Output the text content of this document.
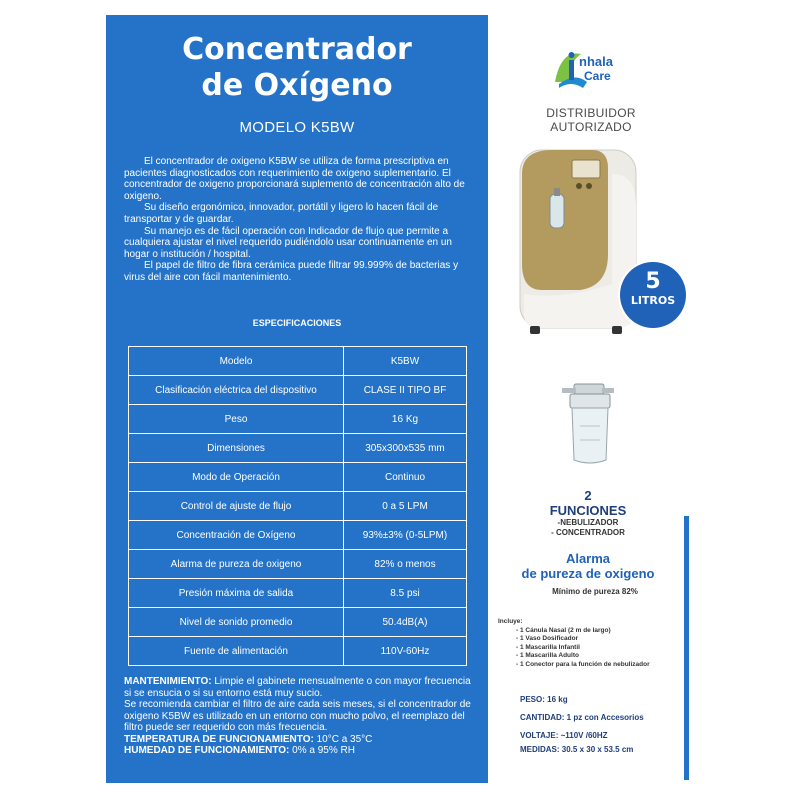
Concentrador
de Oxígeno
MODELO K5BW

El concentrador de oxigeno K5BW se utiliza de forma prescriptiva en pacientes diagnosticados con requerimiento de oxigeno suplementario. El concentrador de oxigeno proporcionará suplemento de concentración alto de oxigeno.

Su diseño ergonómico, innovador, portátil y ligero lo hacen fácil de transportar y de guardar.

Su manejo es de fácil operación con Indicador de flujo que permite a cualquiera ajustar el nivel requerido pudiéndolo usar continuamente en un hogar o institución / hospital.

El papel de filtro de fibra cerámica puede filtrar 99.999% de bacterias y virus del aire con fácil mantenimiento.

ESPECIFICACIONES
Modelo	K5BW
Clasificación eléctrica del dispositivo	CLASE II TIPO BF
Peso	16 Kg
Dimensiones	305x300x535 mm
Modo de Operación	Continuo
Control de ajuste de flujo	0 a 5 LPM
Concentración de Oxígeno	93%±3% (0-5LPM)
Alarma de pureza de oxigeno	82% o menos
Presión máxima de salida	8.5 psi
Nivel de sonido promedio	50.4dB(A)
Fuente de alimentación	110V-60Hz
MANTENIMIENTO: Limpie el gabinete mensualmente o con mayor frecuencia si se ensucia o si su entorno está muy sucio.
Se recomienda cambiar el filtro de aire cada seis meses, si el concentrador de oxigeno K5BW es utilizado en un entorno con mucho polvo, el reemplazo del filtro puede ser requerido con más frecuencia.
TEMPERATURA DE FUNCIONAMIENTO: 10°C a 35°C
HUMEDAD DE FUNCIONAMIENTO: 0% a 95% RH
nhala
Care
DISTRIBUIDOR
AUTORIZADO
5
LITROS
2
FUNCIONES
-NEBULIZADOR
- CONCENTRADOR
Alarma
de pureza de oxigeno
Mínimo de pureza 82%
Incluye:
- 1 Cánula Nasal (2 m de largo)
- 1 Vaso Dosificador
- 1 Mascarilla Infantil
- 1 Mascarilla Adulto
- 1 Conector para la función de nebulizador
PESO: 16 kg
CANTIDAD: 1 pz con Accesorios
VOLTAJE: ~110V /60HZ
MEDIDAS: 30.5 x 30 x 53.5 cm
